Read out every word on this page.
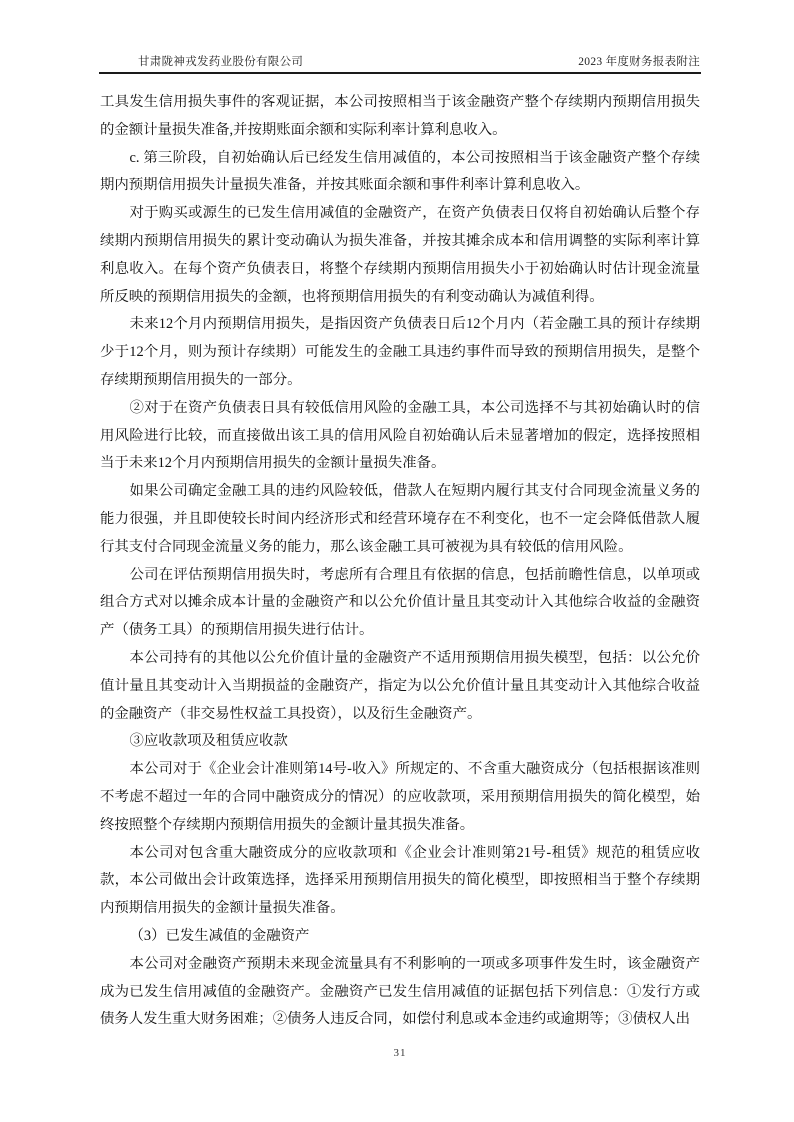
甘肃陇神戎发药业股份有限公司	2023 年度财务报表附注

工具发生信用损失事件的客观证据，本公司按照相当于该金融资产整个存续期内预期信用损失的金额计量损失准备,并按期账面余额和实际利率计算利息收入。

c. 第三阶段，自初始确认后已经发生信用减值的，本公司按照相当于该金融资产整个存续期内预期信用损失计量损失准备，并按其账面余额和事件利率计算利息收入。

对于购买或源生的已发生信用减值的金融资产，在资产负债表日仅将自初始确认后整个存续期内预期信用损失的累计变动确认为损失准备，并按其摊余成本和信用调整的实际利率计算利息收入。在每个资产负债表日，将整个存续期内预期信用损失小于初始确认时估计现金流量所反映的预期信用损失的金额，也将预期信用损失的有利变动确认为减值利得。

未来12个月内预期信用损失，是指因资产负债表日后12个月内（若金融工具的预计存续期少于12个月，则为预计存续期）可能发生的金融工具违约事件而导致的预期信用损失，是整个存续期预期信用损失的一部分。

②对于在资产负债表日具有较低信用风险的金融工具，本公司选择不与其初始确认时的信用风险进行比较，而直接做出该工具的信用风险自初始确认后未显著增加的假定，选择按照相当于未来12个月内预期信用损失的金额计量损失准备。

如果公司确定金融工具的违约风险较低，借款人在短期内履行其支付合同现金流量义务的能力很强，并且即使较长时间内经济形式和经营环境存在不利变化，也不一定会降低借款人履行其支付合同现金流量义务的能力，那么该金融工具可被视为具有较低的信用风险。

公司在评估预期信用损失时，考虑所有合理且有依据的信息，包括前瞻性信息，以单项或组合方式对以摊余成本计量的金融资产和以公允价值计量且其变动计入其他综合收益的金融资产（债务工具）的预期信用损失进行估计。

本公司持有的其他以公允价值计量的金融资产不适用预期信用损失模型，包括：以公允价值计量且其变动计入当期损益的金融资产，指定为以公允价值计量且其变动计入其他综合收益的金融资产（非交易性权益工具投资），以及衍生金融资产。

③应收款项及租赁应收款

本公司对于《企业会计准则第14号-收入》所规定的、不含重大融资成分（包括根据该准则不考虑不超过一年的合同中融资成分的情况）的应收款项，采用预期信用损失的简化模型，始终按照整个存续期内预期信用损失的金额计量其损失准备。

本公司对包含重大融资成分的应收款项和《企业会计准则第21号-租赁》规范的租赁应收款，本公司做出会计政策选择，选择采用预期信用损失的简化模型，即按照相当于整个存续期内预期信用损失的金额计量损失准备。

（3）已发生减值的金融资产

本公司对金融资产预期未来现金流量具有不利影响的一项或多项事件发生时，该金融资产成为已发生信用减值的金融资产。金融资产已发生信用减值的证据包括下列信息：①发行方或债务人发生重大财务困难；②债务人违反合同，如偿付利息或本金违约或逾期等；③债权人出

31
